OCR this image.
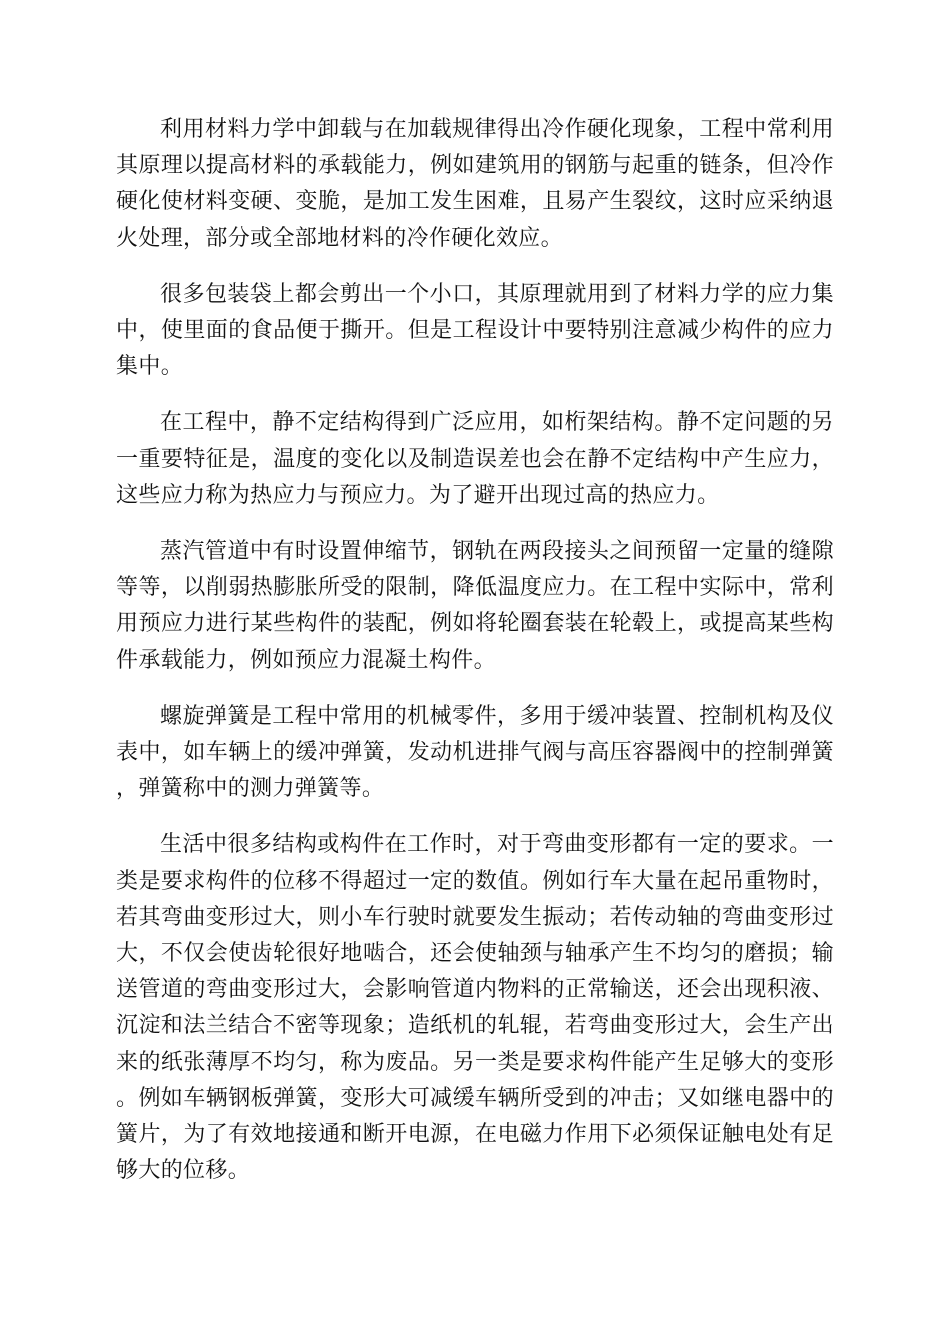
利用材料力学中卸载与在加载规律得出冷作硬化现象，工程中常利用其原理以提高材料的承载能力，例如建筑用的钢筋与起重的链条，但冷作硬化使材料变硬、变脆，是加工发生困难，且易产生裂纹，这时应采纳退火处理，部分或全部地材料的冷作硬化效应。

很多包装袋上都会剪出一个小口，其原理就用到了材料力学的应力集中，使里面的食品便于撕开。但是工程设计中要特别注意减少构件的应力集中。

在工程中，静不定结构得到广泛应用，如桁架结构。静不定问题的另一重要特征是，温度的变化以及制造误差也会在静不定结构中产生应力，这些应力称为热应力与预应力。为了避开出现过高的热应力。

蒸汽管道中有时设置伸缩节，钢轨在两段接头之间预留一定量的缝隙等等，以削弱热膨胀所受的限制，降低温度应力。在工程中实际中，常利用预应力进行某些构件的装配，例如将轮圈套装在轮毂上，或提高某些构件承载能力，例如预应力混凝土构件。

螺旋弹簧是工程中常用的机械零件，多用于缓冲装置、控制机构及仪表中，如车辆上的缓冲弹簧，发动机进排气阀与高压容器阀中的控制弹簧，弹簧称中的测力弹簧等。

生活中很多结构或构件在工作时，对于弯曲变形都有一定的要求。一类是要求构件的位移不得超过一定的数值。例如行车大量在起吊重物时，若其弯曲变形过大，则小车行驶时就要发生振动；若传动轴的弯曲变形过大，不仅会使齿轮很好地啮合，还会使轴颈与轴承产生不均匀的磨损；输送管道的弯曲变形过大，会影响管道内物料的正常输送，还会出现积液、沉淀和法兰结合不密等现象；造纸机的轧辊，若弯曲变形过大，会生产出来的纸张薄厚不均匀，称为废品。另一类是要求构件能产生足够大的变形。例如车辆钢板弹簧，变形大可减缓车辆所受到的冲击；又如继电器中的簧片，为了有效地接通和断开电源，在电磁力作用下必须保证触电处有足够大的位移。
